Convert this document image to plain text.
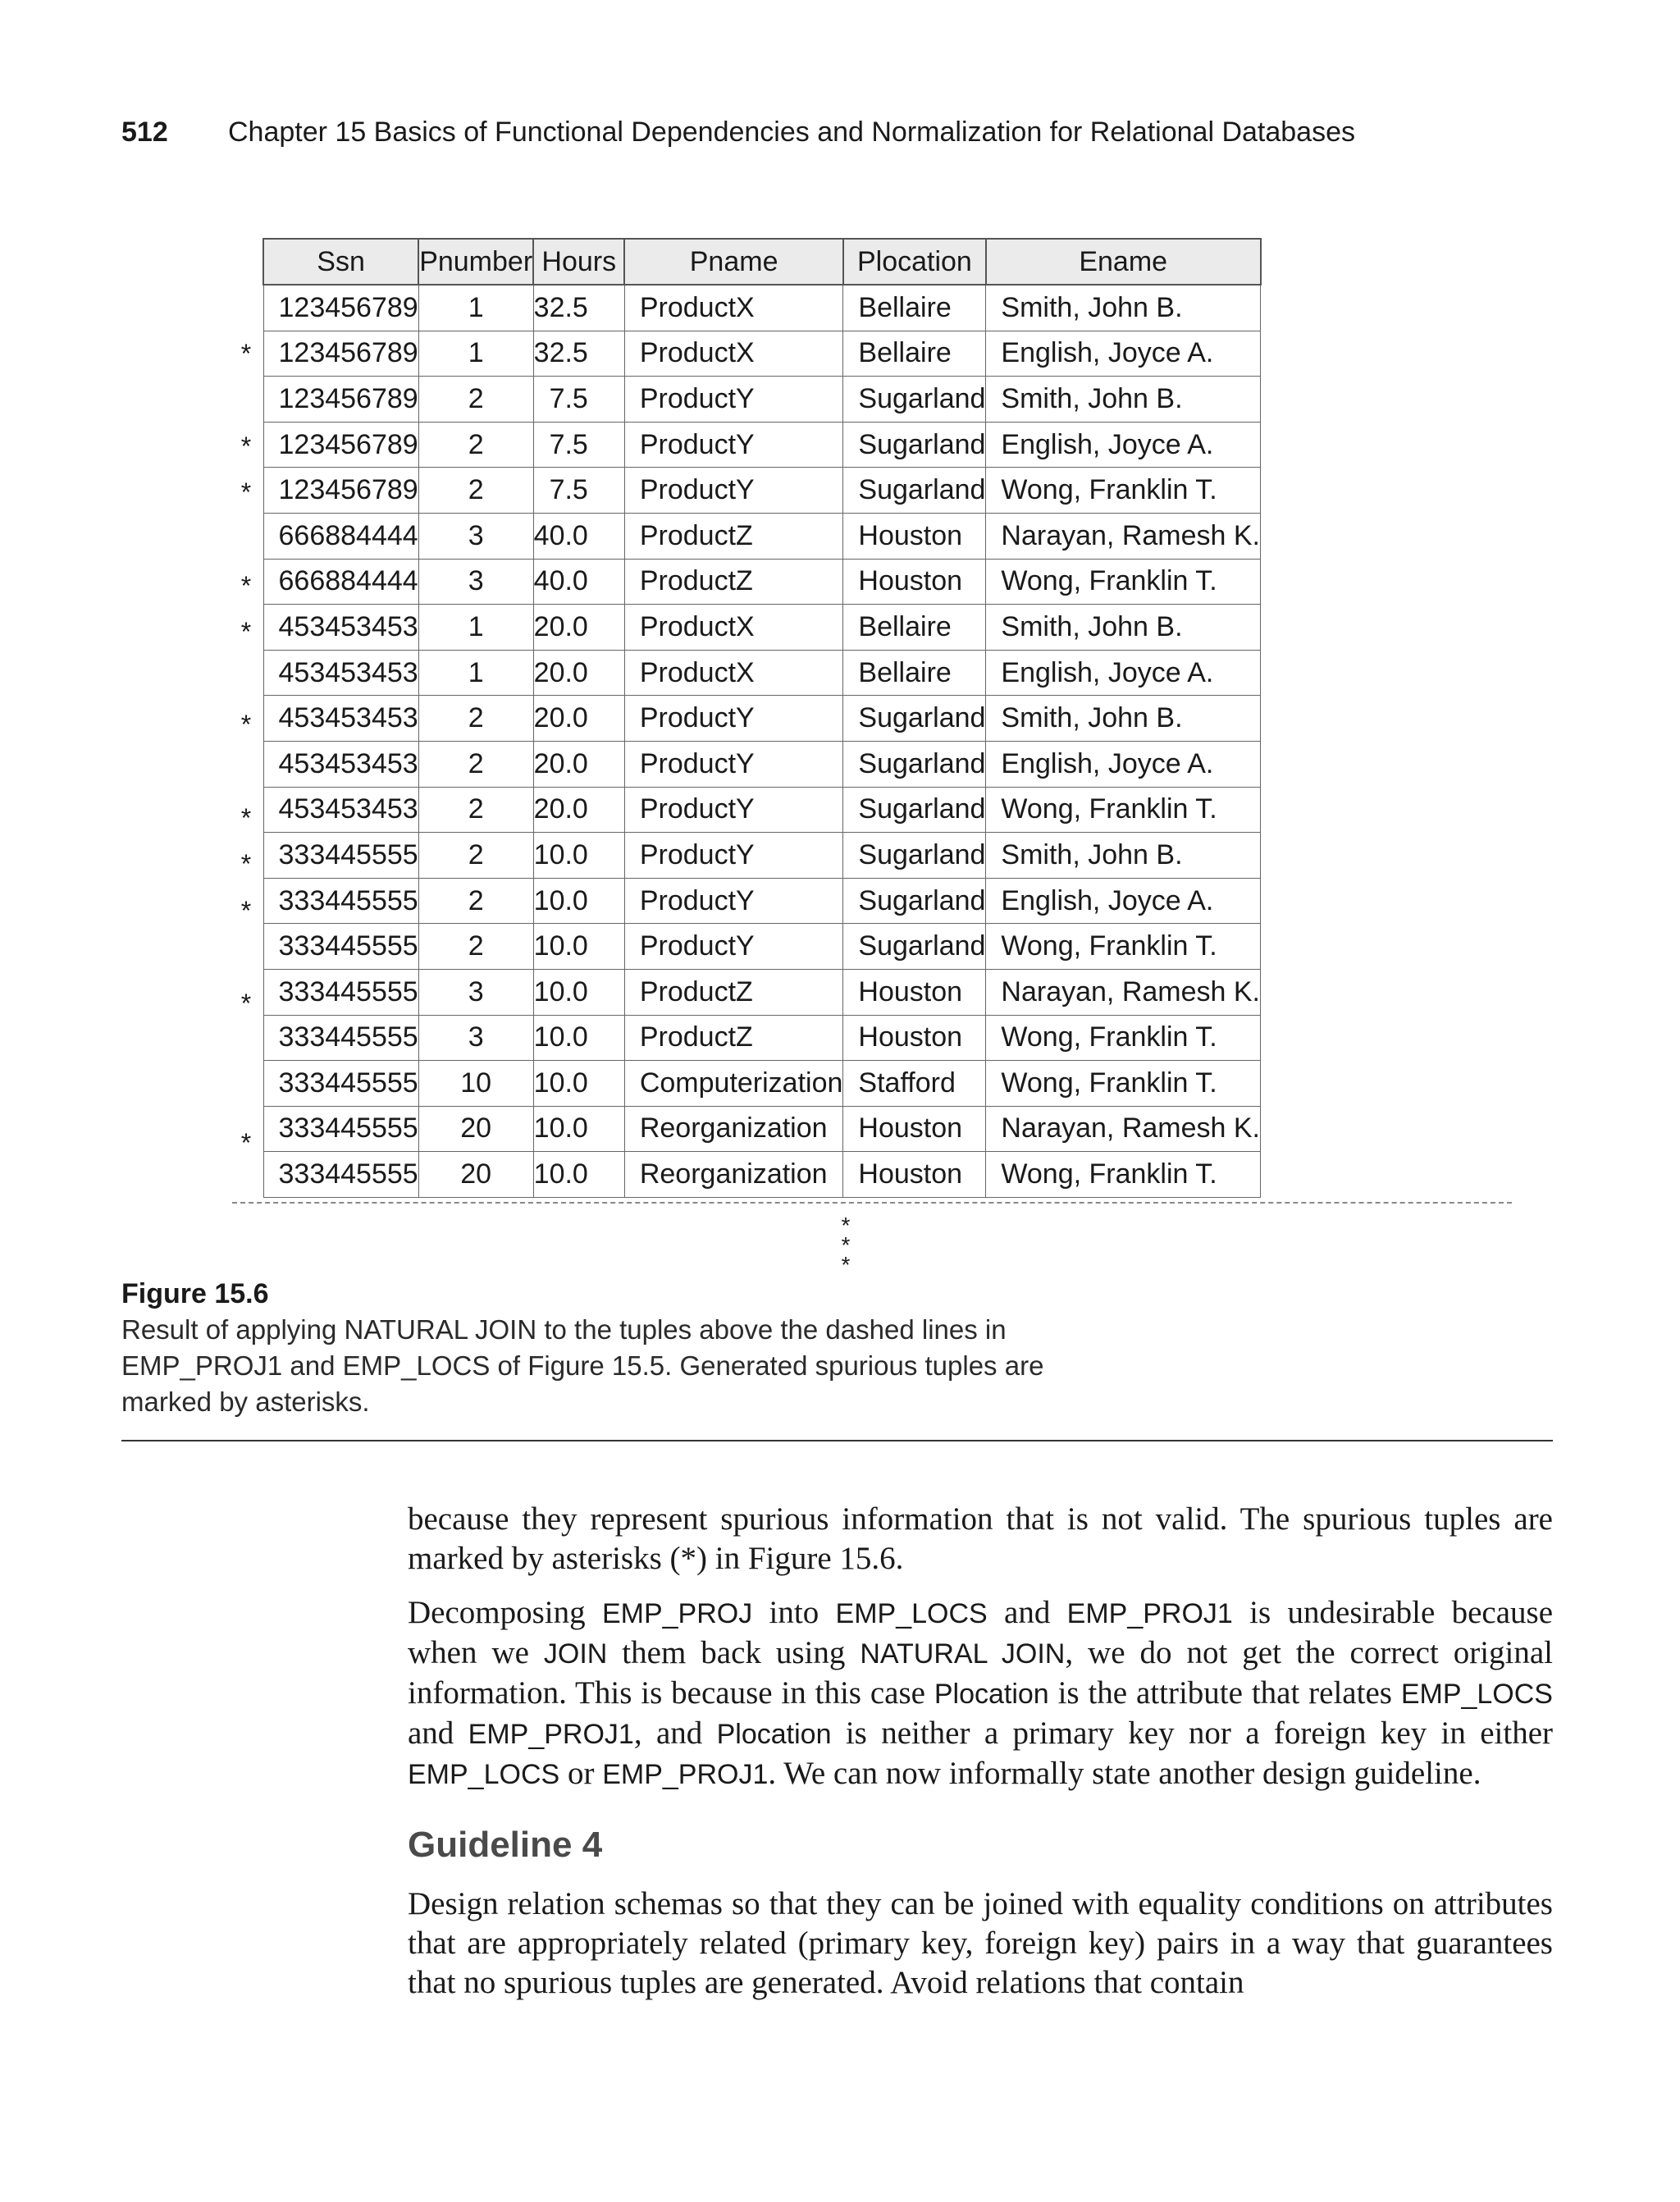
512 Chapter 15 Basics of Functional Dependencies and Normalization for Relational Databases
*
*
*
*
*
*
*
*
*
*
*
Ssn	Pnumber	Hours	Pname	Plocation	Ename
123456789	1	32.5	ProductX	Bellaire	Smith, John B.
123456789	1	32.5	ProductX	Bellaire	English, Joyce A.
123456789	2	7.5	ProductY	Sugarland	Smith, John B.
123456789	2	7.5	ProductY	Sugarland	English, Joyce A.
123456789	2	7.5	ProductY	Sugarland	Wong, Franklin T.
666884444	3	40.0	ProductZ	Houston	Narayan, Ramesh K.
666884444	3	40.0	ProductZ	Houston	Wong, Franklin T.
453453453	1	20.0	ProductX	Bellaire	Smith, John B.
453453453	1	20.0	ProductX	Bellaire	English, Joyce A.
453453453	2	20.0	ProductY	Sugarland	Smith, John B.
453453453	2	20.0	ProductY	Sugarland	English, Joyce A.
453453453	2	20.0	ProductY	Sugarland	Wong, Franklin T.
333445555	2	10.0	ProductY	Sugarland	Smith, John B.
333445555	2	10.0	ProductY	Sugarland	English, Joyce A.
333445555	2	10.0	ProductY	Sugarland	Wong, Franklin T.
333445555	3	10.0	ProductZ	Houston	Narayan, Ramesh K.
333445555	3	10.0	ProductZ	Houston	Wong, Franklin T.
333445555	10	10.0	Computerization	Stafford	Wong, Franklin T.
333445555	20	10.0	Reorganization	Houston	Narayan, Ramesh K.
333445555	20	10.0	Reorganization	Houston	Wong, Franklin T.
*
*
*
Figure 15.6
Result of applying NATURAL JOIN to the tuples above the dashed lines in EMP_PROJ1 and EMP_LOCS of Figure 15.5. Generated spurious tuples are marked by asterisks.

because they represent spurious information that is not valid. The spurious tuples are marked by asterisks (*) in Figure 15.6.

Decomposing EMP_PROJ into EMP_LOCS and EMP_PROJ1 is undesirable because when we JOIN them back using NATURAL JOIN, we do not get the correct original information. This is because in this case Plocation is the attribute that relates EMP_LOCS and EMP_PROJ1, and Plocation is neither a primary key nor a foreign key in either EMP_LOCS or EMP_PROJ1. We can now informally state another design guideline.

Guideline 4

Design relation schemas so that they can be joined with equality conditions on attributes that are appropriately related (primary key, foreign key) pairs in a way that guarantees that no spurious tuples are generated. Avoid relations that contain
